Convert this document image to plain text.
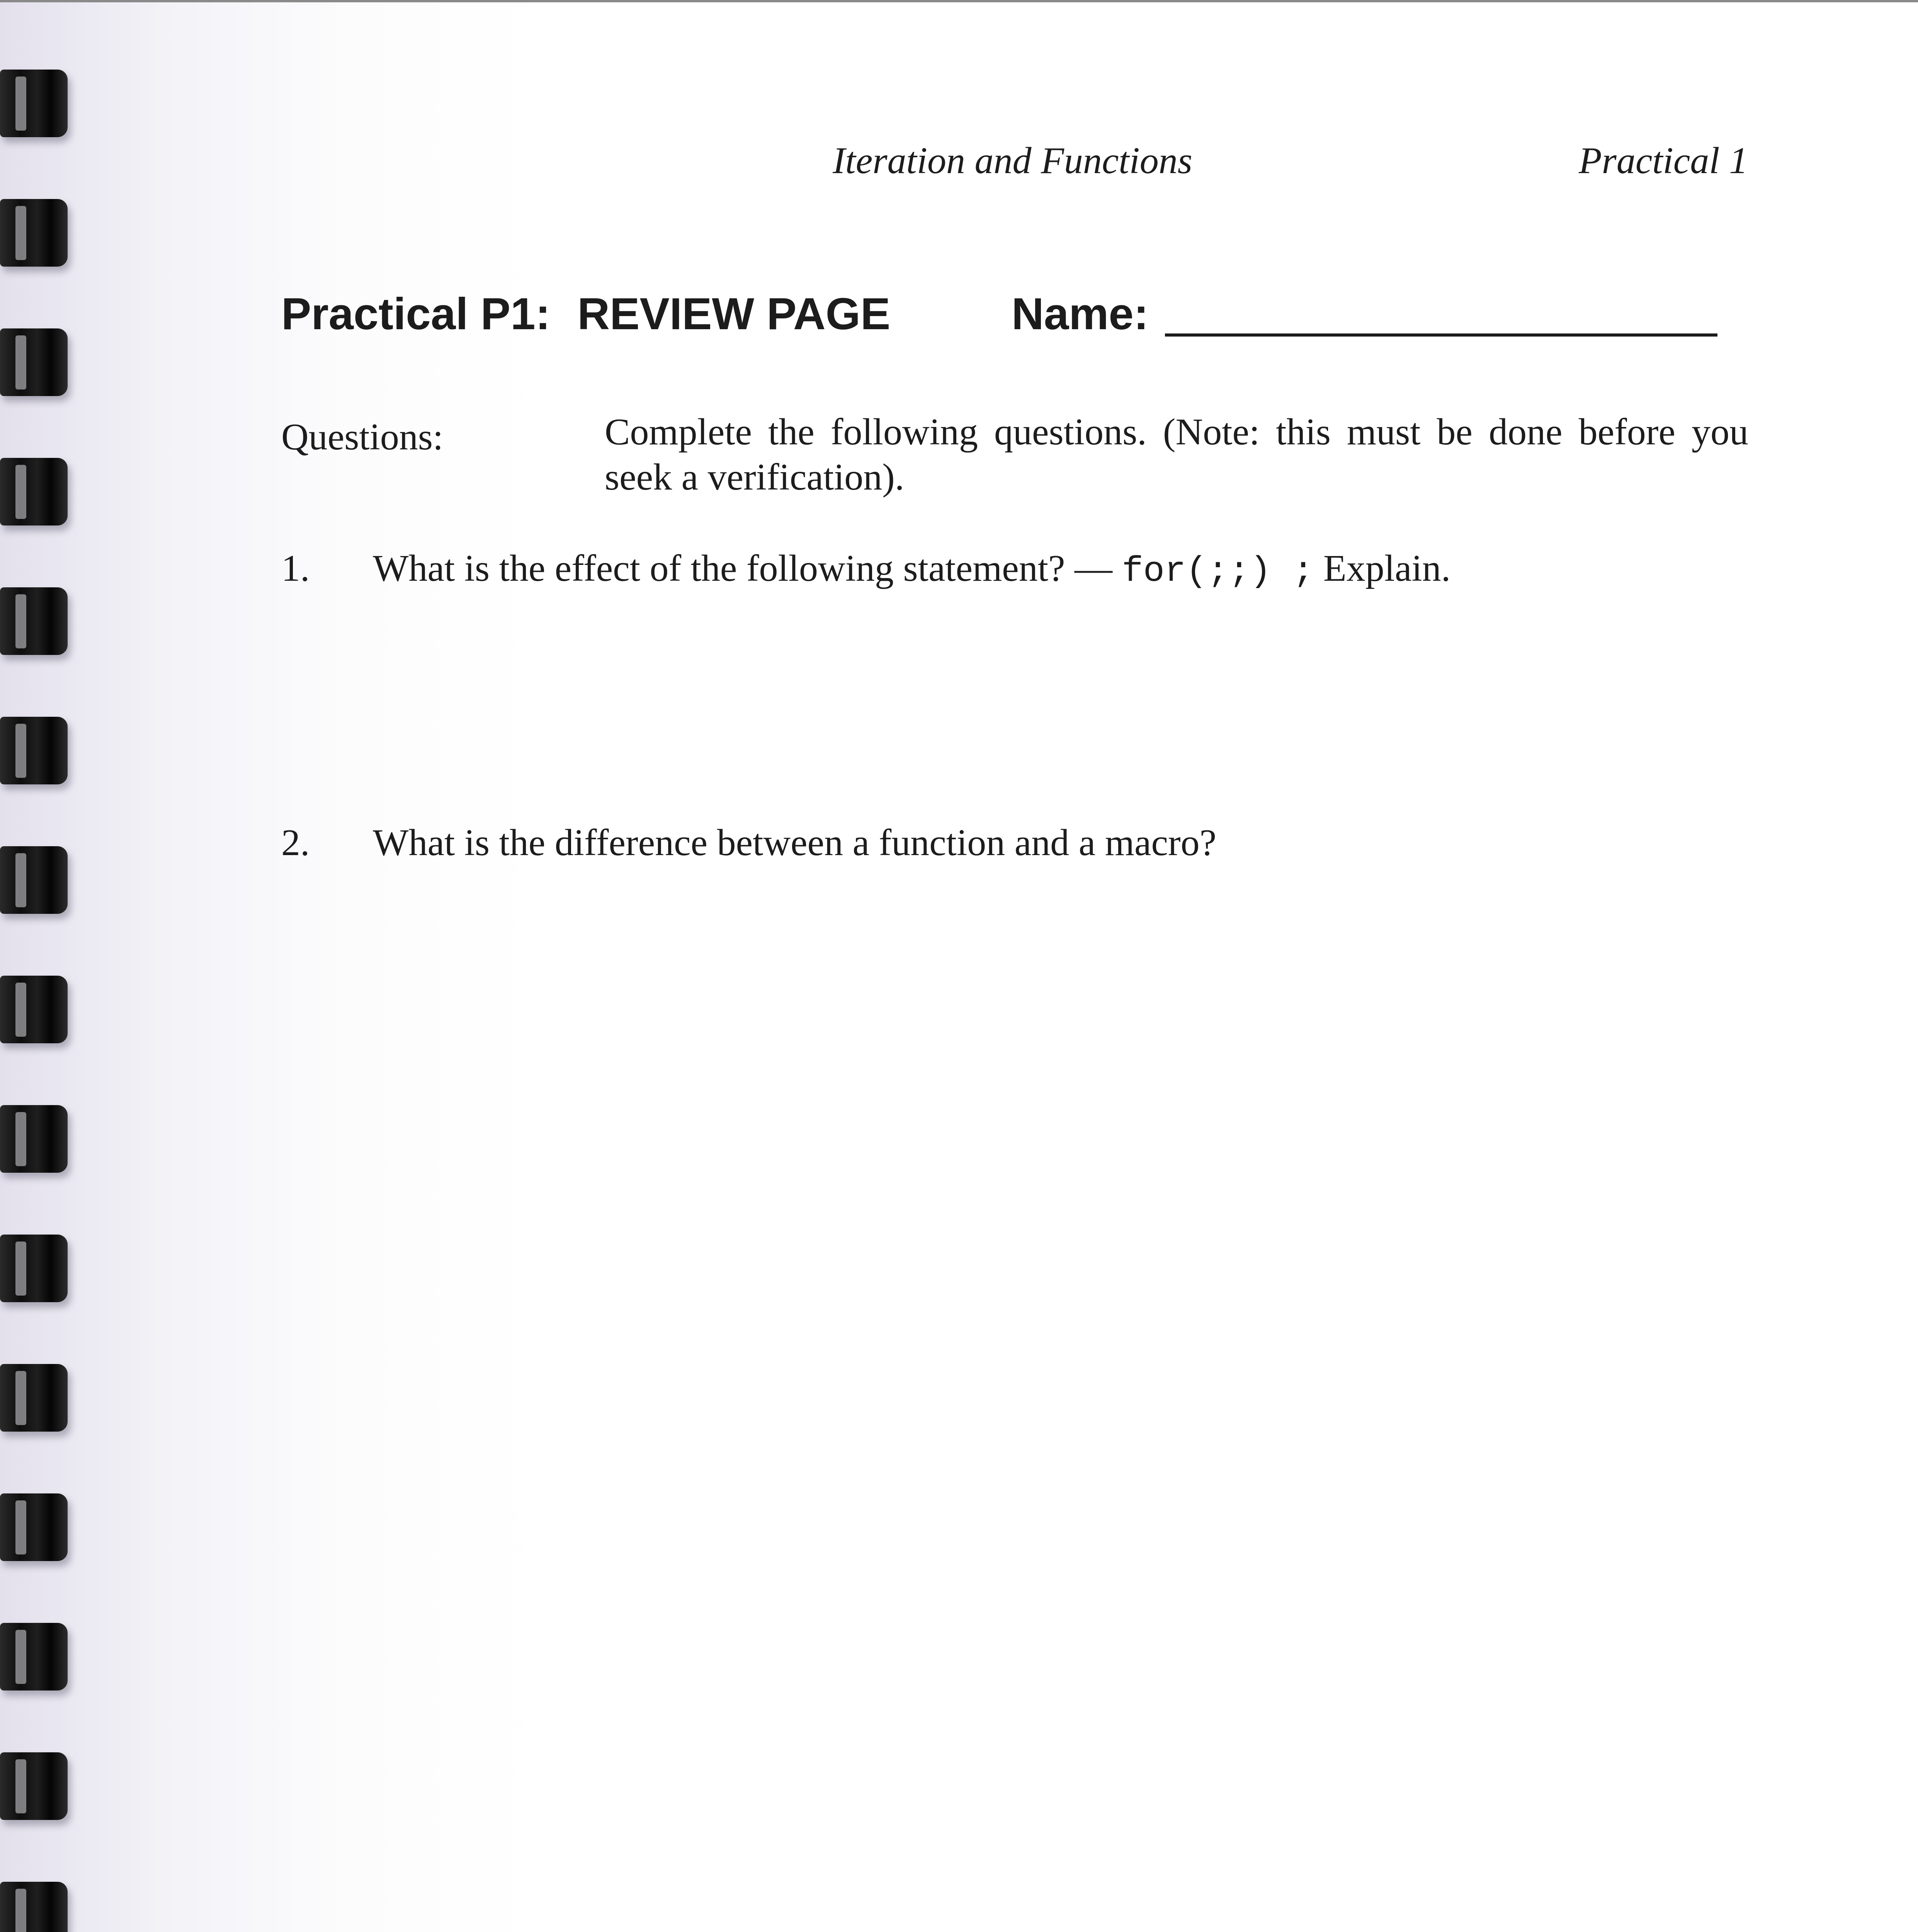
Iteration and Functions	Practical 1
Practical P1: REVIEW PAGE	Name:
Questions:	Complete the following questions. (Note: this must be done before you seek a verification).
1. What is the effect of the following statement? — for(;;) ; Explain.
2. What is the difference between a function and a macro?
